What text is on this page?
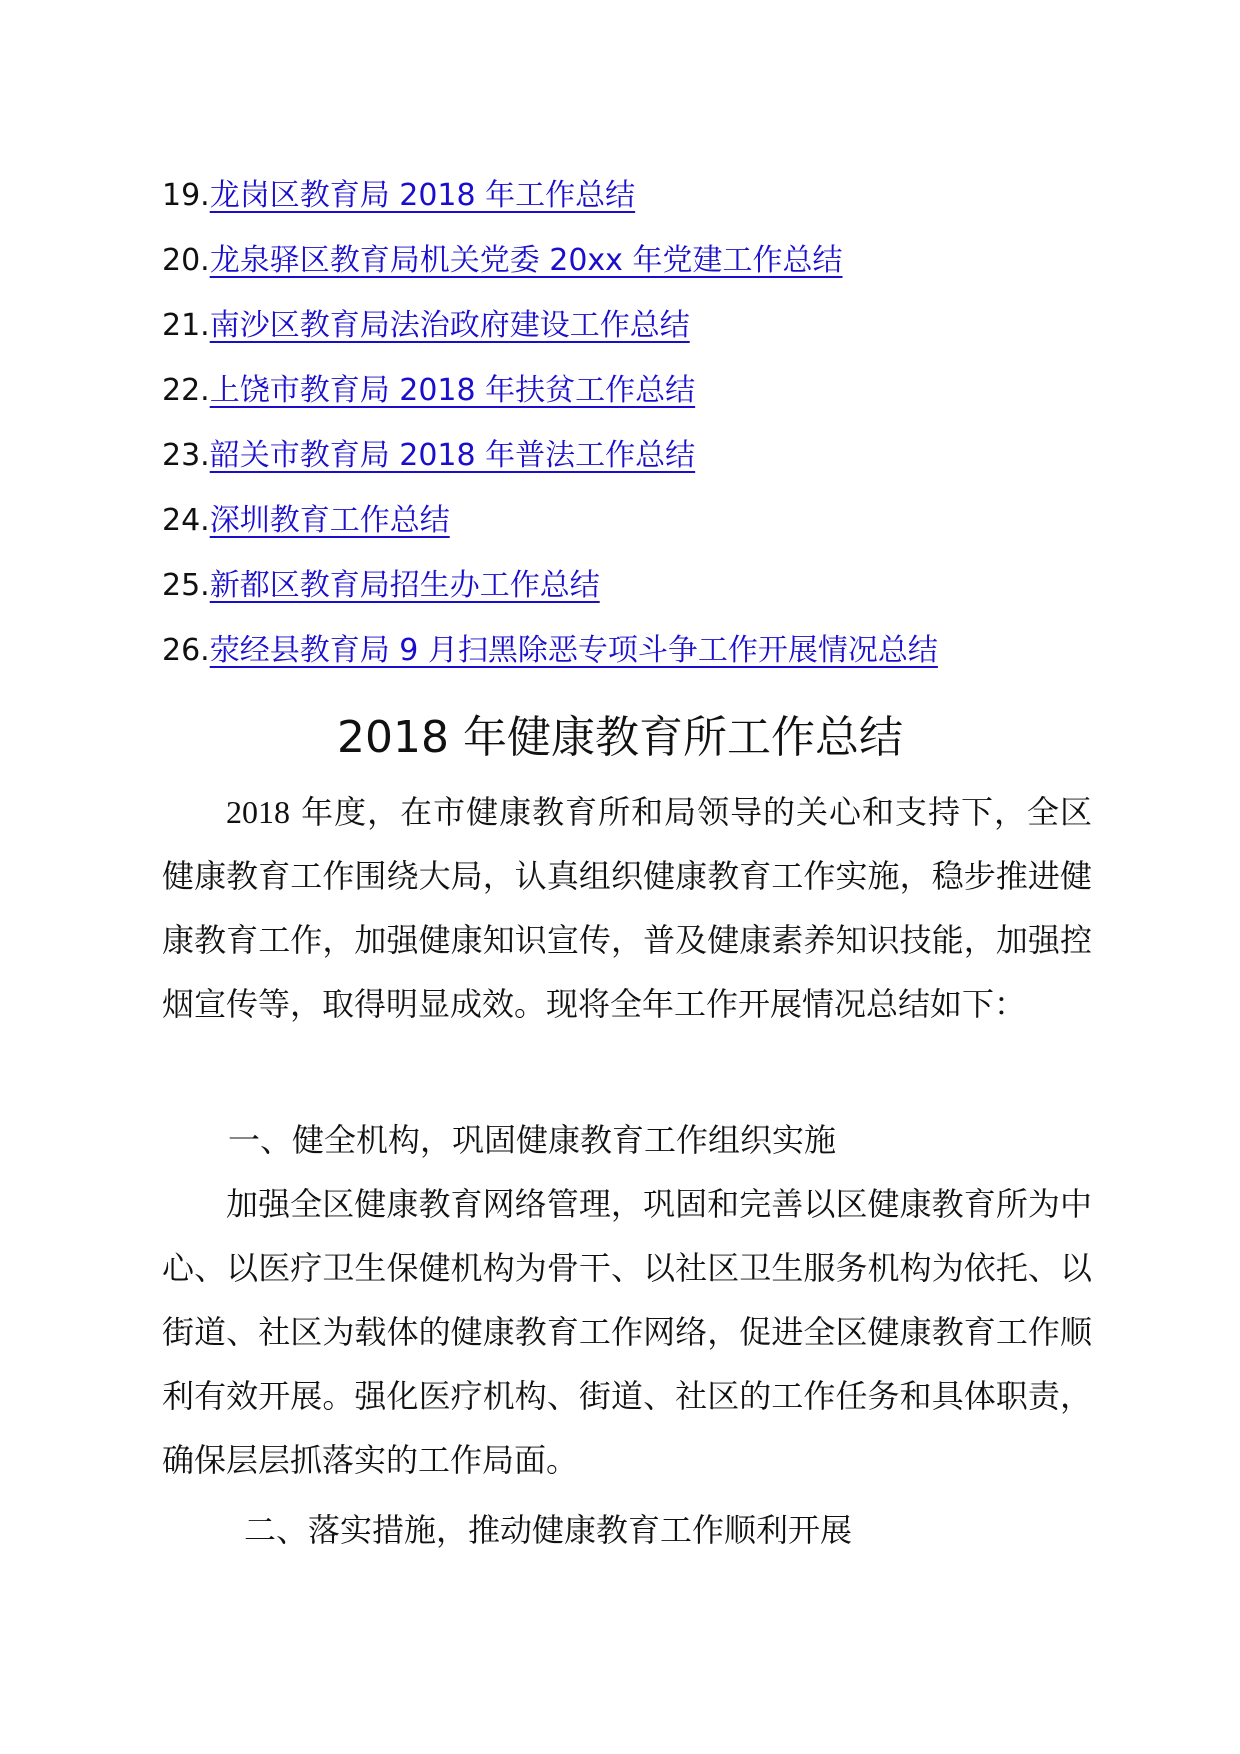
19.龙岗区教育局 2018 年工作总结
20.龙泉驿区教育局机关党委 20xx 年党建工作总结
21.南沙区教育局法治政府建设工作总结
22.上饶市教育局 2018 年扶贫工作总结
23.韶关市教育局 2018 年普法工作总结
24.深圳教育工作总结
25.新都区教育局招生办工作总结
26.荥经县教育局 9 月扫黑除恶专项斗争工作开展情况总结
2018 年健康教育所工作总结

2018 年度，在市健康教育所和局领导的关心和支持下，全区健康教育工作围绕大局，认真组织健康教育工作实施，稳步推进健康教育工作，加强健康知识宣传，普及健康素养知识技能，加强控烟宣传等，取得明显成效。现将全年工作开展情况总结如下：

一、健全机构，巩固健康教育工作组织实施

加强全区健康教育网络管理，巩固和完善以区健康教育所为中心、以医疗卫生保健机构为骨干、以社区卫生服务机构为依托、以街道、社区为载体的健康教育工作网络，促进全区健康教育工作顺利有效开展。强化医疗机构、街道、社区的工作任务和具体职责，确保层层抓落实的工作局面。

二、落实措施，推动健康教育工作顺利开展
